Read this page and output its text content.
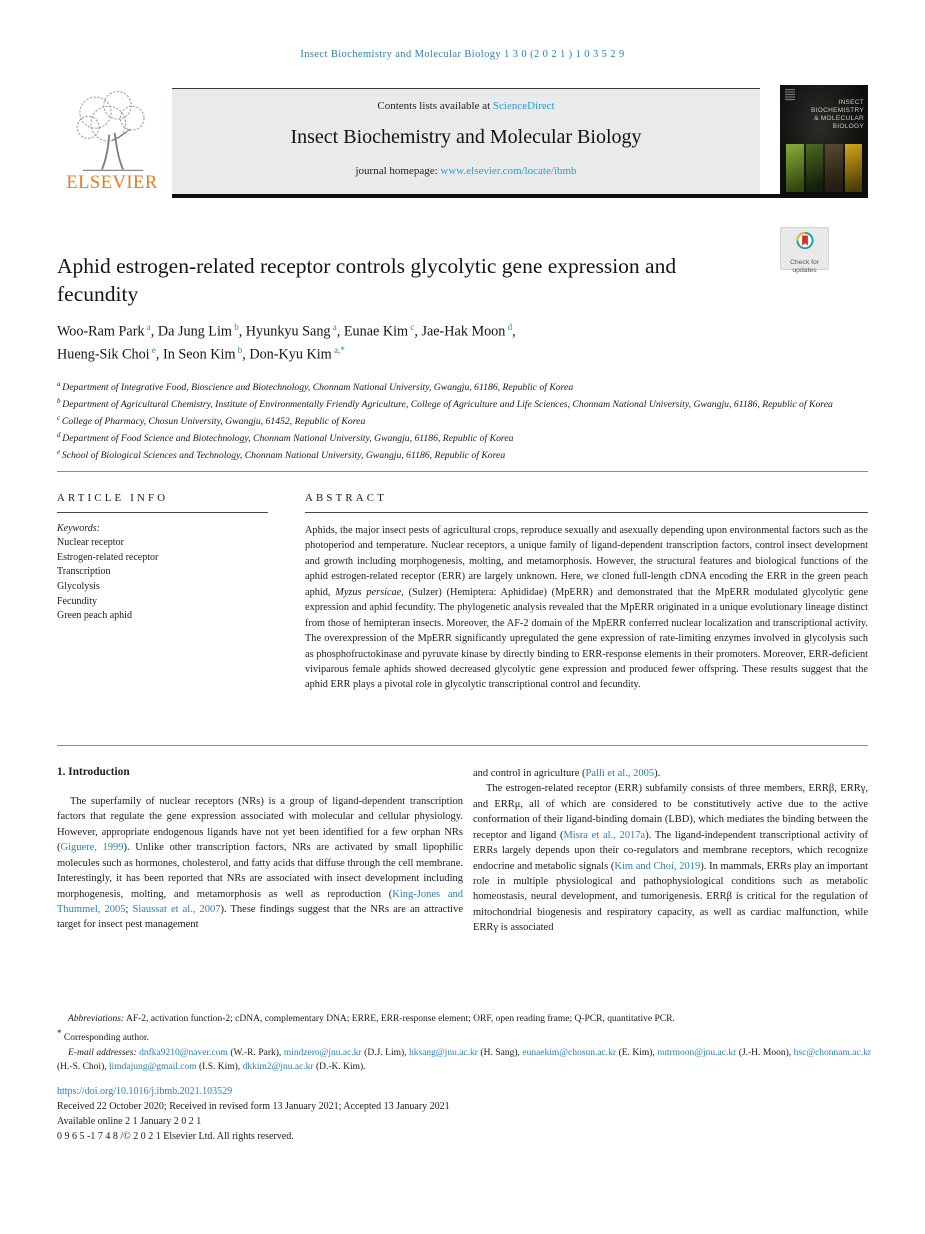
Insect Biochemistry and Molecular Biology 1 3 0 (2 0 2 1 ) 1 0 3 5 2 9
ELSEVIER
Contents lists available at ScienceDirect
Insect Biochemistry and Molecular Biology
journal homepage: www.elsevier.com/locate/ibmb
INSECT
BIOCHEMISTRY
& MOLECULAR
BIOLOGY
Check for
updates
Aphid estrogen-related receptor controls glycolytic gene expression and fecundity
Woo-Ram Park $^a$, Da Jung Lim $^b$, Hyunkyu Sang $^a$, Eunae Kim $^c$, Jae-Hak Moon $^d$,
Hueng-Sik Choi $^e$, In Seon Kim $^b$, Don-Kyu Kim $^{a,*}$
$^a$ Department of Integrative Food, Bioscience and Biotechnology, Chonnam National University, Gwangju, 61186, Republic of Korea
$^b$ Department of Agricultural Chemistry, Institute of Environmentally Friendly Agriculture, College of Agriculture and Life Sciences, Chonnam National University, Gwangju, 61186, Republic of Korea
$^c$ College of Pharmacy, Chosun University, Gwangju, 61452, Republic of Korea
$^d$ Department of Food Science and Biotechnology, Chonnam National University, Gwangju, 61186, Republic of Korea
$^e$ School of Biological Sciences and Technology, Chonnam National University, Gwangju, 61186, Republic of Korea
ARTICLE INFO
Keywords:
Nuclear receptor
Estrogen-related receptor
Transcription
Glycolysis
Fecundity
Green peach aphid
ABSTRACT
Aphids, the major insect pests of agricultural crops, reproduce sexually and asexually depending upon environmental factors such as the photoperiod and temperature. Nuclear receptors, a unique family of ligand-dependent transcription factors, control insect development and growth including morphogenesis, molting, and metamorphosis. However, the structural features and biological functions of the aphid estrogen-related receptor (ERR) are largely unknown. Here, we cloned full-length cDNA encoding the ERR in the green peach aphid, Myzus persicae, (Sulzer) (Hemiptera: Aphididae) (MpERR) and demonstrated that the MpERR modulated glycolytic gene expression and aphid fecundity. The phylogenetic analysis revealed that the MpERR originated in a unique evolutionary lineage distinct from those of hemipteran insects. Moreover, the AF-2 domain of the MpERR conferred nuclear localization and transcriptional activity. The overexpression of the MpERR significantly upregulated the gene expression of rate-limiting enzymes involved in glycolysis such as phosphofructokinase and pyruvate kinase by directly binding to ERR-response elements in their promoters. Moreover, ERR-deficient viviparous female aphids showed decreased glycolytic gene expression and produced fewer offspring. These results suggest that the aphid ERR plays a pivotal role in glycolytic transcriptional control and fecundity.
1. Introduction

The superfamily of nuclear receptors (NRs) is a group of ligand-dependent transcription factors that regulate the gene expression associated with molecular and cellular physiology. However, appropriate endogenous ligands have not yet been identified for a few orphan NRs (Giguere, 1999). Unlike other transcription factors, NRs are activated by small lipophilic molecules such as hormones, cholesterol, and fatty acids that diffuse through the cell membrane. Interestingly, it has been reported that NRs are associated with insect development including morphogenesis, molting, and metamorphosis as well as reproduction (King-Jones and Thummel, 2005; Siaussat et al., 2007). These findings suggest that the NRs are an attractive target for insect pest management

and control in agriculture (Palli et al., 2005).

The estrogen-related receptor (ERR) subfamily consists of three members, ERRβ, ERRγ, and ERRμ, all of which are considered to be constitutively active due to the active conformation of their ligand-binding domain (LBD), which mediates the binding between the receptor and ligand (Misra et al., 2017a). The ligand-independent transcriptional activity of ERRs largely depends upon their co-regulators and membrane receptors, which recognize endocrine and metabolic signals (Kim and Choi, 2019). In mammals, ERRs play an important role in multiple physiological and pathophysiological conditions such as metabolic homeostasis, neural development, and tumorigenesis. ERRβ is critical for the regulation of mitochondrial biogenesis and respiratory capacity, as well as cardiac malfunction, while ERRγ is associated

Abbreviations: AF-2, activation function-2; cDNA, complementary DNA; ERRE, ERR-response element; ORF, open reading frame; Q-PCR, quantitative PCR.
* Corresponding author.
E-mail addresses: dnfka9210@naver.com (W.-R. Park), mindzero@jnu.ac.kr (D.J. Lim), hksang@jnu.ac.kr (H. Sang), eunaekim@chosun.ac.kr (E. Kim), nutrmoon@jnu.ac.kr (J.-H. Moon), hsc@chonnam.ac.kr (H.-S. Choi), limdajung@gmail.com (I.S. Kim), dkkim2@jnu.ac.kr (D.-K. Kim).
https://doi.org/10.1016/j.ibmb.2021.103529
Received 22 October 2020; Received in revised form 13 January 2021; Accepted 13 January 2021
Available online 2 1 January 2 0 2 1
0 9 6 5 -1 7 4 8 /© 2 0 2 1 Elsevier Ltd. All rights reserved.
